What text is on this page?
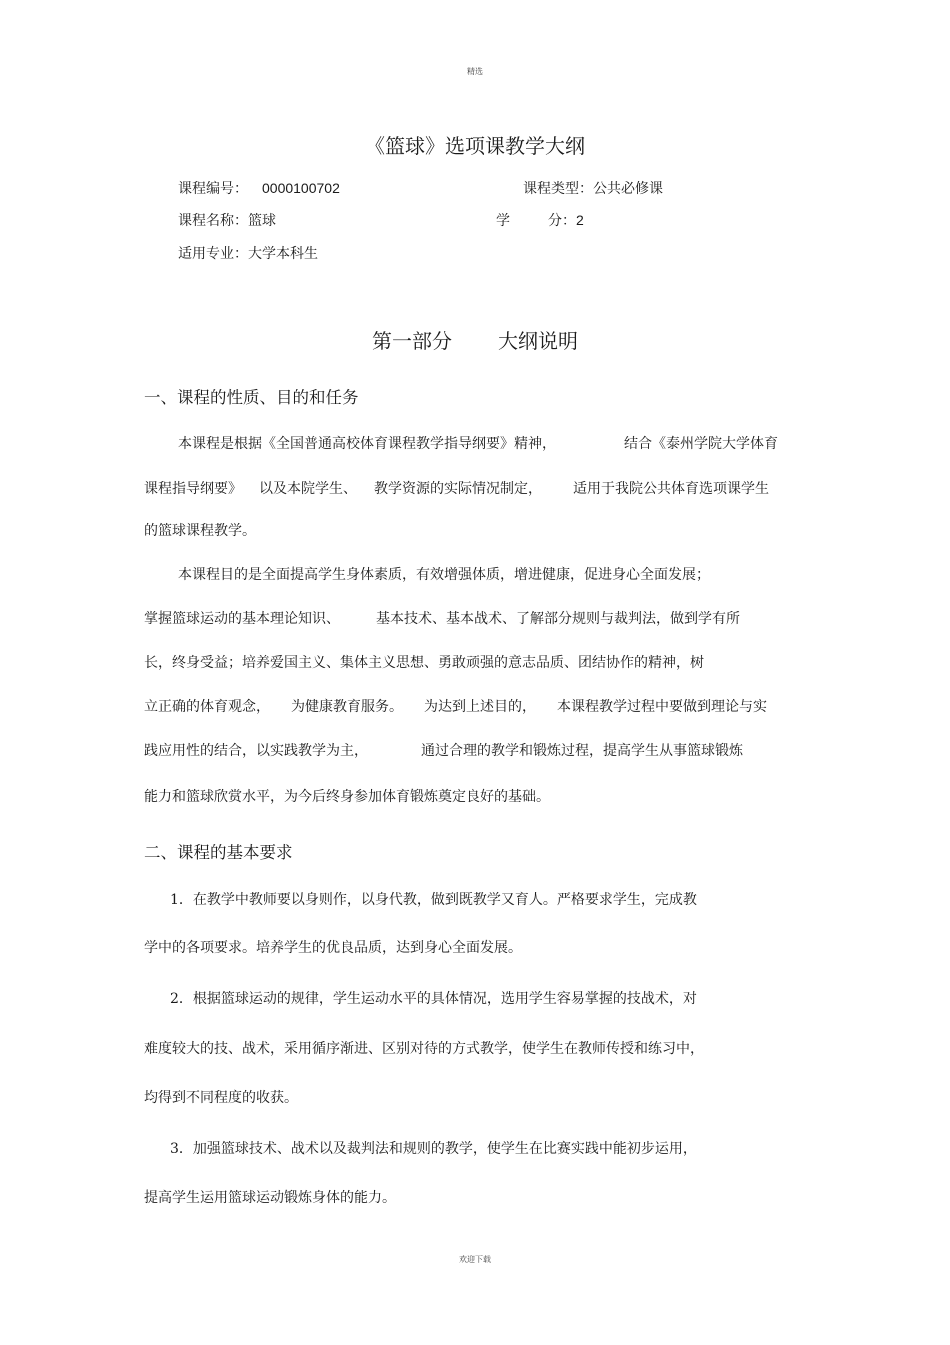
精选
《篮球》选项课教学大纲
课程编号： 0000100702	课程类型：公共必修课
课程名称：篮球	学	分：2
适用专业：大学本科生
第一部分 大纲说明
一、课程的性质、目的和任务
本课程是根据《全国普通高校体育课程教学指导纲要》精神，	结合《泰州学院大学体育
课程指导纲要》 以及本院学生、 教学资源的实际情况制定， 适用于我院公共体育选项课学生
的篮球课程教学。
本课程目的是全面提高学生身体素质，有效增强体质，增进健康，促进身心全面发展；
掌握篮球运动的基本理论知识、	基本技术、基本战术、了解部分规则与裁判法，做到学有所
长，终身受益；培养爱国主义、集体主义思想、勇敢顽强的意志品质、团结协作的精神，树
立正确的体育观念， 为健康教育服务。 为达到上述目的， 本课程教学过程中要做到理论与实
践应用性的结合，以实践教学为主，	通过合理的教学和锻炼过程，提高学生从事篮球锻炼
能力和篮球欣赏水平，为今后终身参加体育锻炼奠定良好的基础。
二、课程的基本要求
1．在教学中教师要以身则作，以身代教，做到既教学又育人。严格要求学生，完成教
学中的各项要求。培养学生的优良品质，达到身心全面发展。
2．根据篮球运动的规律，学生运动水平的具体情况，选用学生容易掌握的技战术，对
难度较大的技、战术，采用循序渐进、区别对待的方式教学，使学生在教师传授和练习中，
均得到不同程度的收获。
3．加强篮球技术、战术以及裁判法和规则的教学，使学生在比赛实践中能初步运用，
提高学生运用篮球运动锻炼身体的能力。
欢迎下载
